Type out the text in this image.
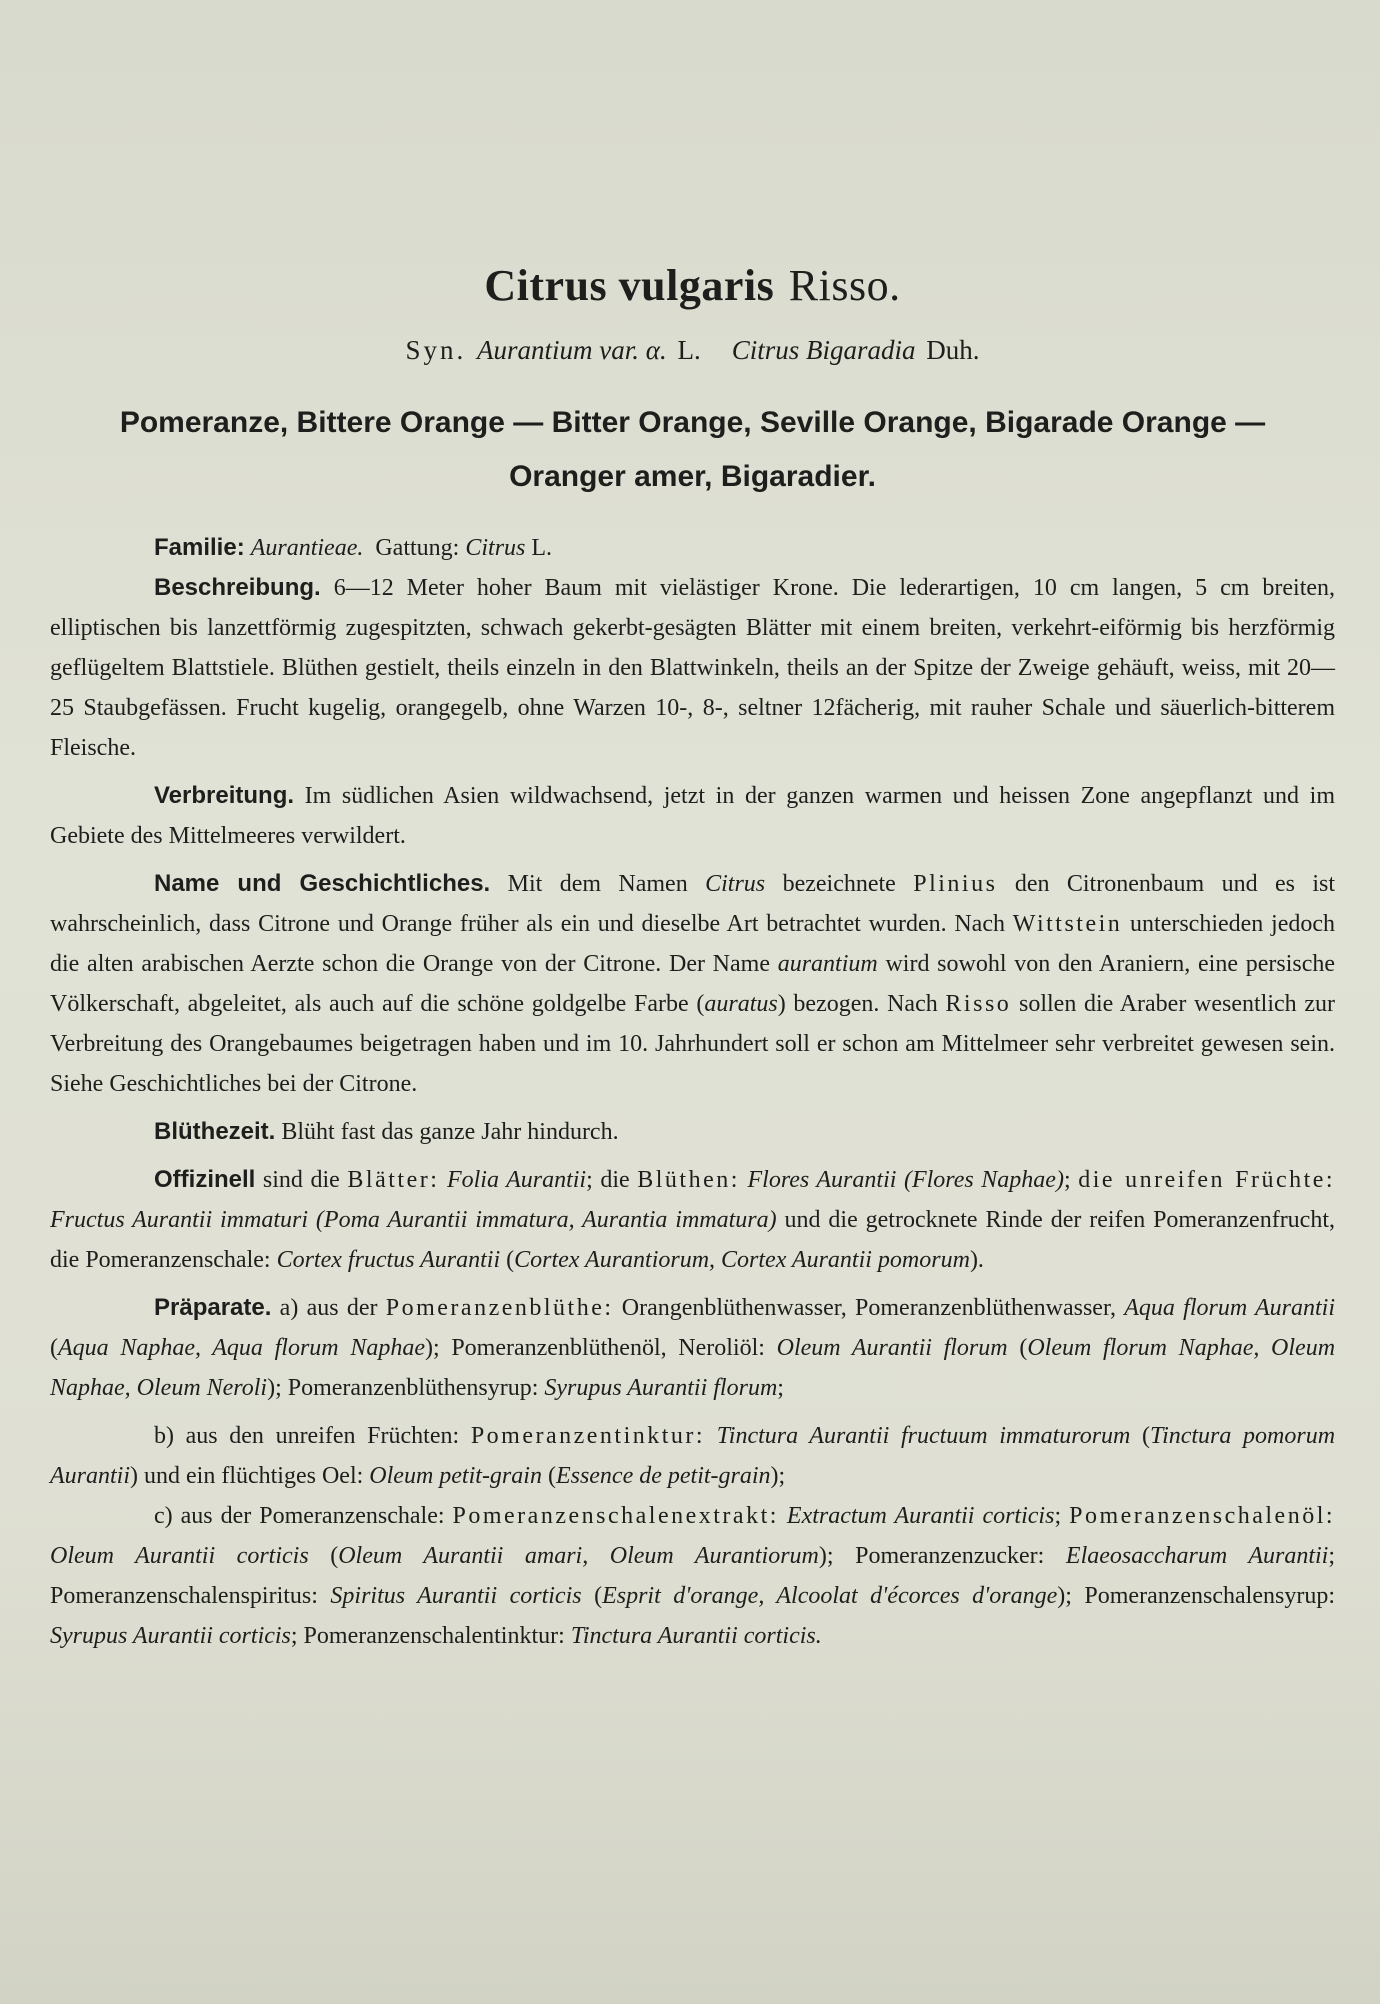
Citrus vulgaris Risso.
Syn. Aurantium var. α. L. Citrus Bigaradia Duh.
Pomeranze, Bittere Orange — Bitter Orange, Seville Orange, Bigarade Orange —
Oranger amer, Bigaradier.

Familie: Aurantieae. Gattung: Citrus L.

Beschreibung. 6—12 Meter hoher Baum mit vielästiger Krone. Die lederartigen, 10 cm langen, 5 cm breiten, elliptischen bis lanzettförmig zugespitzten, schwach gekerbt-gesägten Blätter mit einem breiten, verkehrt-eiförmig bis herzförmig geflügeltem Blattstiele. Blüthen gestielt, theils einzeln in den Blattwinkeln, theils an der Spitze der Zweige gehäuft, weiss, mit 20—25 Staubgefässen. Frucht kugelig, orangegelb, ohne Warzen 10-, 8-, seltner 12fächerig, mit rauher Schale und säuerlich-bitterem Fleische.

Verbreitung. Im südlichen Asien wildwachsend, jetzt in der ganzen warmen und heissen Zone angepflanzt und im Gebiete des Mittelmeeres verwildert.

Name und Geschichtliches. Mit dem Namen Citrus bezeichnete Plinius den Citronenbaum und es ist wahrscheinlich, dass Citrone und Orange früher als ein und dieselbe Art betrachtet wurden. Nach Wittstein unterschieden jedoch die alten arabischen Aerzte schon die Orange von der Citrone. Der Name aurantium wird sowohl von den Araniern, eine persische Völkerschaft, abgeleitet, als auch auf die schöne goldgelbe Farbe (auratus) bezogen. Nach Risso sollen die Araber wesentlich zur Verbreitung des Orangebaumes beigetragen haben und im 10. Jahrhundert soll er schon am Mittelmeer sehr verbreitet gewesen sein. Siehe Geschichtliches bei der Citrone.

Blüthezeit. Blüht fast das ganze Jahr hindurch.

Offizinell sind die Blätter: Folia Aurantii; die Blüthen: Flores Aurantii (Flores Naphae); die unreifen Früchte: Fructus Aurantii immaturi (Poma Aurantii immatura, Aurantia immatura) und die getrocknete Rinde der reifen Pomeranzenfrucht, die Pomeranzenschale: Cortex fructus Aurantii (Cortex Aurantiorum, Cortex Aurantii pomorum).

Präparate. a) aus der Pomeranzenblüthe: Orangenblüthenwasser, Pomeranzenblüthenwasser, Aqua florum Aurantii (Aqua Naphae, Aqua florum Naphae); Pomeranzenblüthenöl, Neroliöl: Oleum Aurantii florum (Oleum florum Naphae, Oleum Naphae, Oleum Neroli); Pomeranzenblüthensyrup: Syrupus Aurantii florum;

b) aus den unreifen Früchten: Pomeranzentinktur: Tinctura Aurantii fructuum immaturorum (Tinctura pomorum Aurantii) und ein flüchtiges Oel: Oleum petit-grain (Essence de petit-grain);

c) aus der Pomeranzenschale: Pomeranzenschalenextrakt: Extractum Aurantii corticis; Pomeranzenschalenöl: Oleum Aurantii corticis (Oleum Aurantii amari, Oleum Aurantiorum); Pomeranzenzucker: Elaeosaccharum Aurantii; Pomeranzenschalenspiritus: Spiritus Aurantii corticis (Esprit d'orange, Alcoolat d'écorces d'orange); Pomeranzenschalensyrup: Syrupus Aurantii corticis; Pomeranzenschalentinktur: Tinctura Aurantii corticis.
